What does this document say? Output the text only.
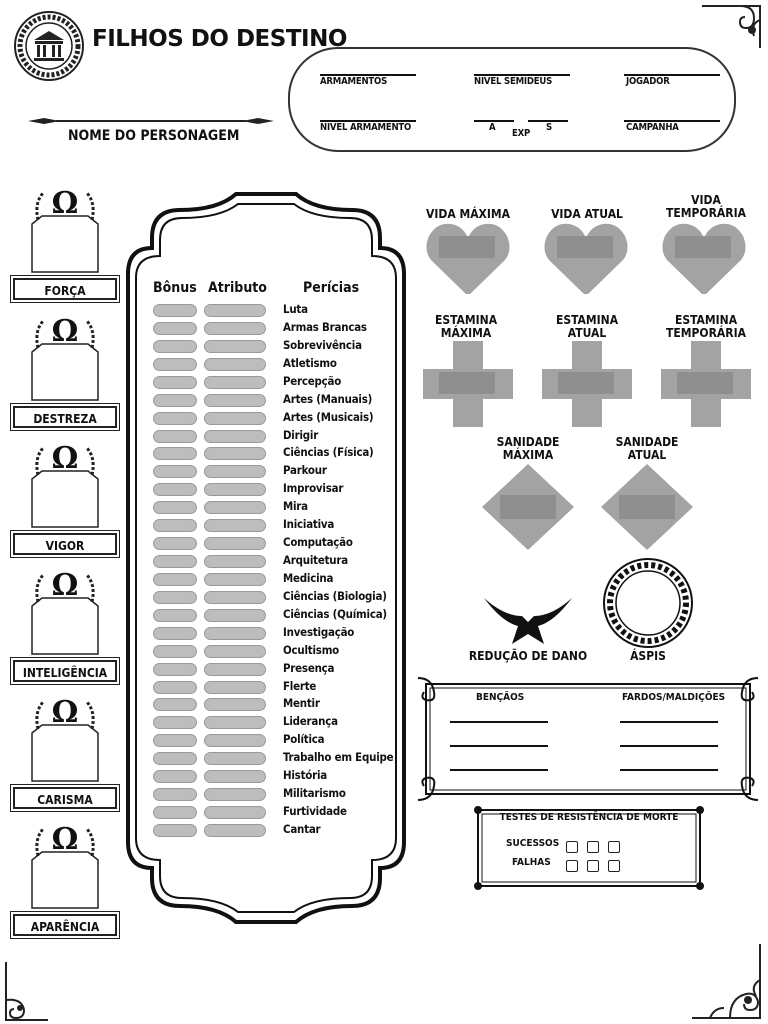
FILHOS DO DESTINO
NOME DO PERSONAGEM
ARMAMENTOS	NIVEL SEMIDEUS	JOGADOR
NIVEL ARMAMENTO	A	S
EXP
CAMPANHA
Ω
FORÇA
Ω
DESTREZA
Ω
VIGOR
Ω
INTELIGÊNCIA
Ω
CARISMA
Ω
APARÊNCIA
Bônus Atributo	Perícias
Luta
Armas Brancas
Sobrevivência
Atletismo
Percepção
Artes (Manuais)
Artes (Musicais)
Dirigir
Ciências (Física)
Parkour
Improvisar
Mira
Iniciativa
Computação
Arquitetura
Medicina
Ciências (Biologia)
Ciências (Química)
Investigação
Ocultismo
Presença
Flerte
Mentir
Liderança
Política
Trabalho em Equipe
História
Militarismo
Furtividade
Cantar
VIDA MÁXIMA	VIDA ATUAL
VIDA
TEMPORÁRIA
ESTAMINA
MÁXIMA
ESTAMINA
ATUAL
ESTAMINA
TEMPORÁRIA
SANIDADE
MÁXIMA
SANIDADE
ATUAL
REDUÇÃO DE DANO	ÁSPIS
BENÇÃOS	FARDOS/MALDIÇÕES
TESTES DE RESISTÊNCIA DE MORTE
SUCESSOS
FALHAS
